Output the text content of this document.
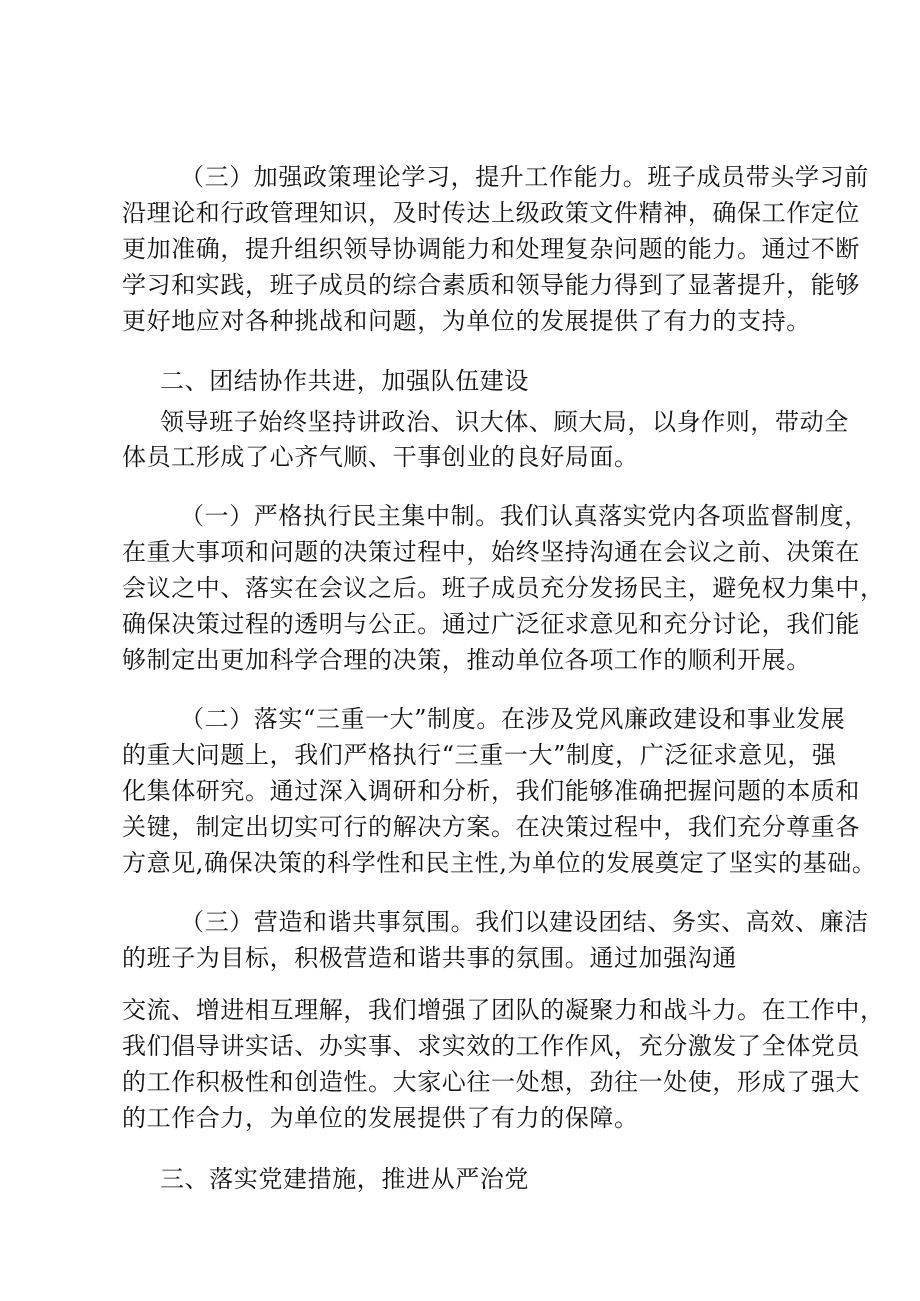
（三）加强政策理论学习，提升工作能力。班子成员带头学习前
沿理论和行政管理知识，及时传达上级政策文件精神，确保工作定位
更加准确，提升组织领导协调能力和处理复杂问题的能力。通过不断
学习和实践，班子成员的综合素质和领导能力得到了显著提升，能够
更好地应对各种挑战和问题，为单位的发展提供了有力的支持。
二、团结协作共进，加强队伍建设
领导班子始终坚持讲政治、识大体、顾大局，以身作则，带动全
体员工形成了心齐气顺、干事创业的良好局面。
（一）严格执行民主集中制。我们认真落实党内各项监督制度，
在重大事项和问题的决策过程中，始终坚持沟通在会议之前、决策在
会议之中、落实在会议之后。班子成员充分发扬民主，避免权力集中，
确保决策过程的透明与公正。通过广泛征求意见和充分讨论，我们能
够制定出更加科学合理的决策，推动单位各项工作的顺利开展。
（二）落实“三重一大”制度。在涉及党风廉政建设和事业发展
的重大问题上，我们严格执行“三重一大”制度，广泛征求意见，强
化集体研究。通过深入调研和分析，我们能够准确把握问题的本质和
关键，制定出切实可行的解决方案。在决策过程中，我们充分尊重各
方意见,确保决策的科学性和民主性,为单位的发展奠定了坚实的基础。
（三）营造和谐共事氛围。我们以建设团结、务实、高效、廉洁
的班子为目标，积极营造和谐共事的氛围。通过加强沟通
交流、增进相互理解，我们增强了团队的凝聚力和战斗力。在工作中，
我们倡导讲实话、办实事、求实效的工作作风，充分激发了全体党员
的工作积极性和创造性。大家心往一处想，劲往一处使，形成了强大
的工作合力，为单位的发展提供了有力的保障。
三、落实党建措施，推进从严治党
